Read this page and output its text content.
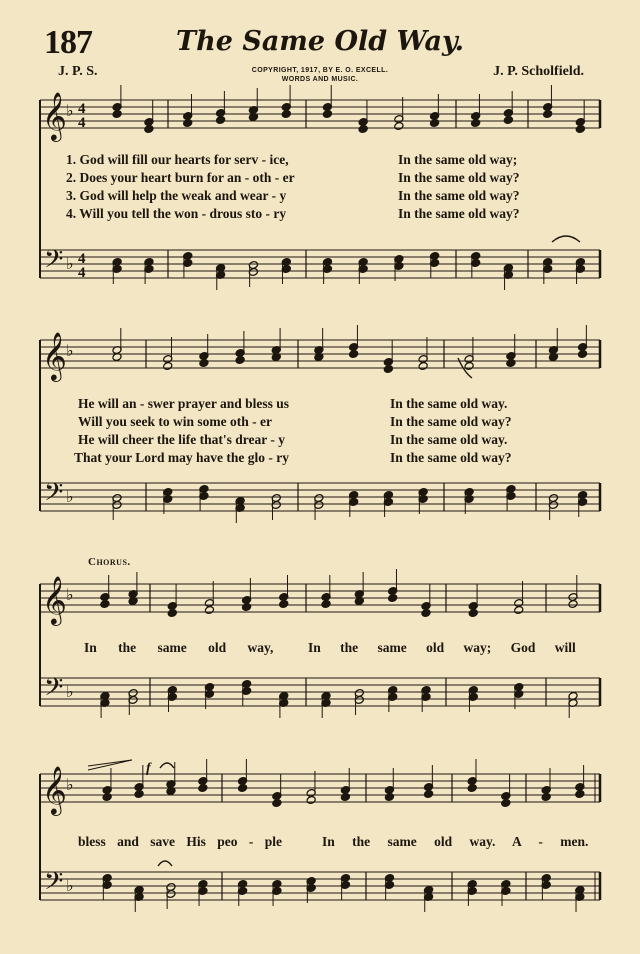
187	The Same Old Way.
J. P. S.	J. P. Scholfield.
COPYRIGHT, 1917, BY E. O. EXCELL.
WORDS AND MUSIC.
𝄞
𝄢
♭
♭
4
4
4
4
𝄞
𝄢
♭
♭
𝄞
𝄢
♭
♭
𝄞
𝄢
♭
♭
f

1. God will fill our hearts for serv - ice,

	In the same old way;

2. Does your heart burn for an - oth - er

	In the same old way?

3. God will help the weak and wear - y

	In the same old way?

4. Will you tell the won - drous sto - ry

	In the same old way?

He will an - swer prayer and bless us

	In the same old way.

Will you seek to win some oth - er

	In the same old way?

He will cheer the life that's drear - y

	In the same old way.

That your Lord may have the glo - ry

	In the same old way?

Chorus.

In the same old way,

	In the same old way; God will

bless and save His peo - ple

	In the same old way. A - men.
